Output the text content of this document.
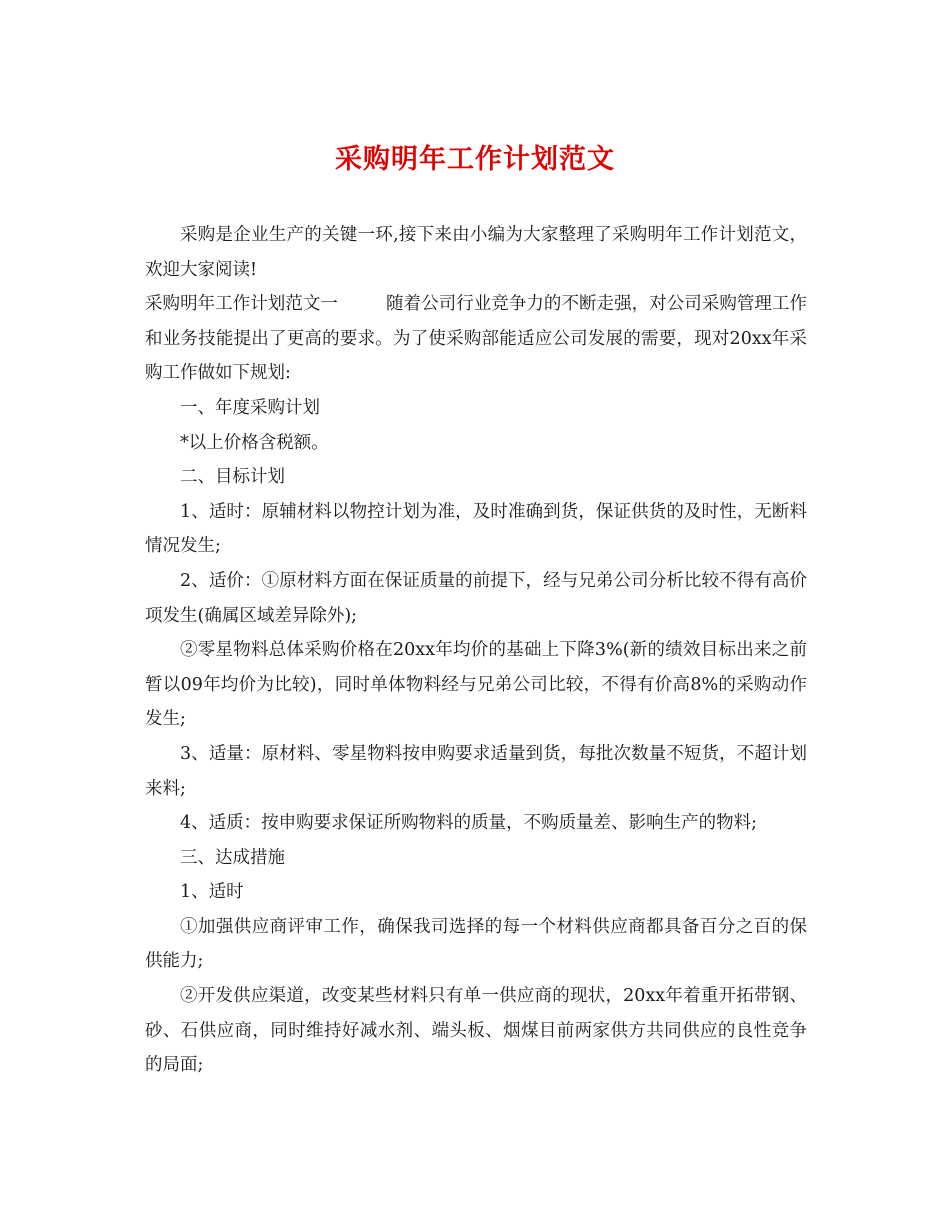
采购明年工作计划范文

采购是企业生产的关键一环,接下来由小编为大家整理了采购明年工作计划范文，欢迎大家阅读!

采购明年工作计划范文一	随着公司行业竞争力的不断走强，对公司采购管理工作和业务技能提出了更高的要求。为了使采购部能适应公司发展的需要，现对20xx年采购工作做如下规划:

一、年度采购计划

*以上价格含税额。

二、目标计划

1、适时：原辅材料以物控计划为准，及时准确到货，保证供货的及时性，无断料情况发生;

2、适价：①原材料方面在保证质量的前提下，经与兄弟公司分析比较不得有高价项发生(确属区域差异除外);

②零星物料总体采购价格在20xx年均价的基础上下降3%(新的绩效目标出来之前暂以09年均价为比较)，同时单体物料经与兄弟公司比较，不得有价高8%的采购动作发生;

3、适量：原材料、零星物料按申购要求适量到货，每批次数量不短货，不超计划来料;

4、适质：按申购要求保证所购物料的质量，不购质量差、影响生产的物料;

三、达成措施

1、适时

①加强供应商评审工作，确保我司选择的每一个材料供应商都具备百分之百的保供能力;

②开发供应渠道，改变某些材料只有单一供应商的现状，20xx年着重开拓带钢、砂、石供应商，同时维持好减水剂、端头板、烟煤目前两家供方共同供应的良性竞争的局面;
